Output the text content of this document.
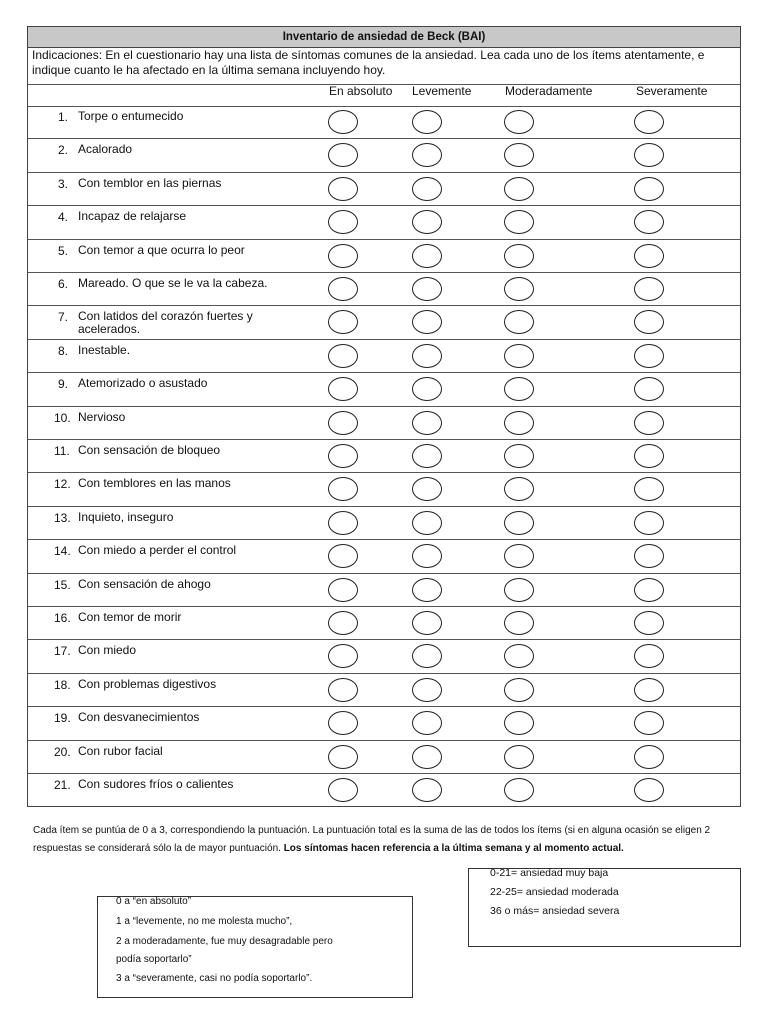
Inventario de ansiedad de Beck (BAI)
Indicaciones: En el cuestionario hay una lista de síntomas comunes de la ansiedad. Lea cada uno de los ítems atentamente, e indique cuanto le ha afectado en la última semana incluyendo hoy.
En absoluto Levemente	Moderadamente	Severamente
1. Torpe o entumecido
2. Acalorado
3. Con temblor en las piernas
4. Incapaz de relajarse
5. Con temor a que ocurra lo peor
6. Mareado. O que se le va la cabeza.
7. Con latidos del corazón fuertes y acelerados.
8. Inestable.
9. Atemorizado o asustado
10. Nervioso
11. Con sensación de bloqueo
12. Con temblores en las manos
13. Inquieto, inseguro
14. Con miedo a perder el control
15. Con sensación de ahogo
16. Con temor de morir
17. Con miedo
18. Con problemas digestivos
19. Con desvanecimientos
20. Con rubor facial
21. Con sudores fríos o calientes
Cada ítem se puntúa de 0 a 3, correspondiendo la puntuación. La puntuación total es la suma de las de todos los ítems (si en alguna ocasión se eligen 2 respuestas se considerará sólo la de mayor puntuación. Los síntomas hacen referencia a la última semana y al momento actual.
0-21= ansiedad muy baja
22-25= ansiedad moderada
36 o más= ansiedad severa
0 a “en absoluto”
1 a “levemente, no me molesta mucho”,
2 a moderadamente, fue muy desagradable pero
podía soportarlo”
3 a “severamente, casi no podía soportarlo”.
